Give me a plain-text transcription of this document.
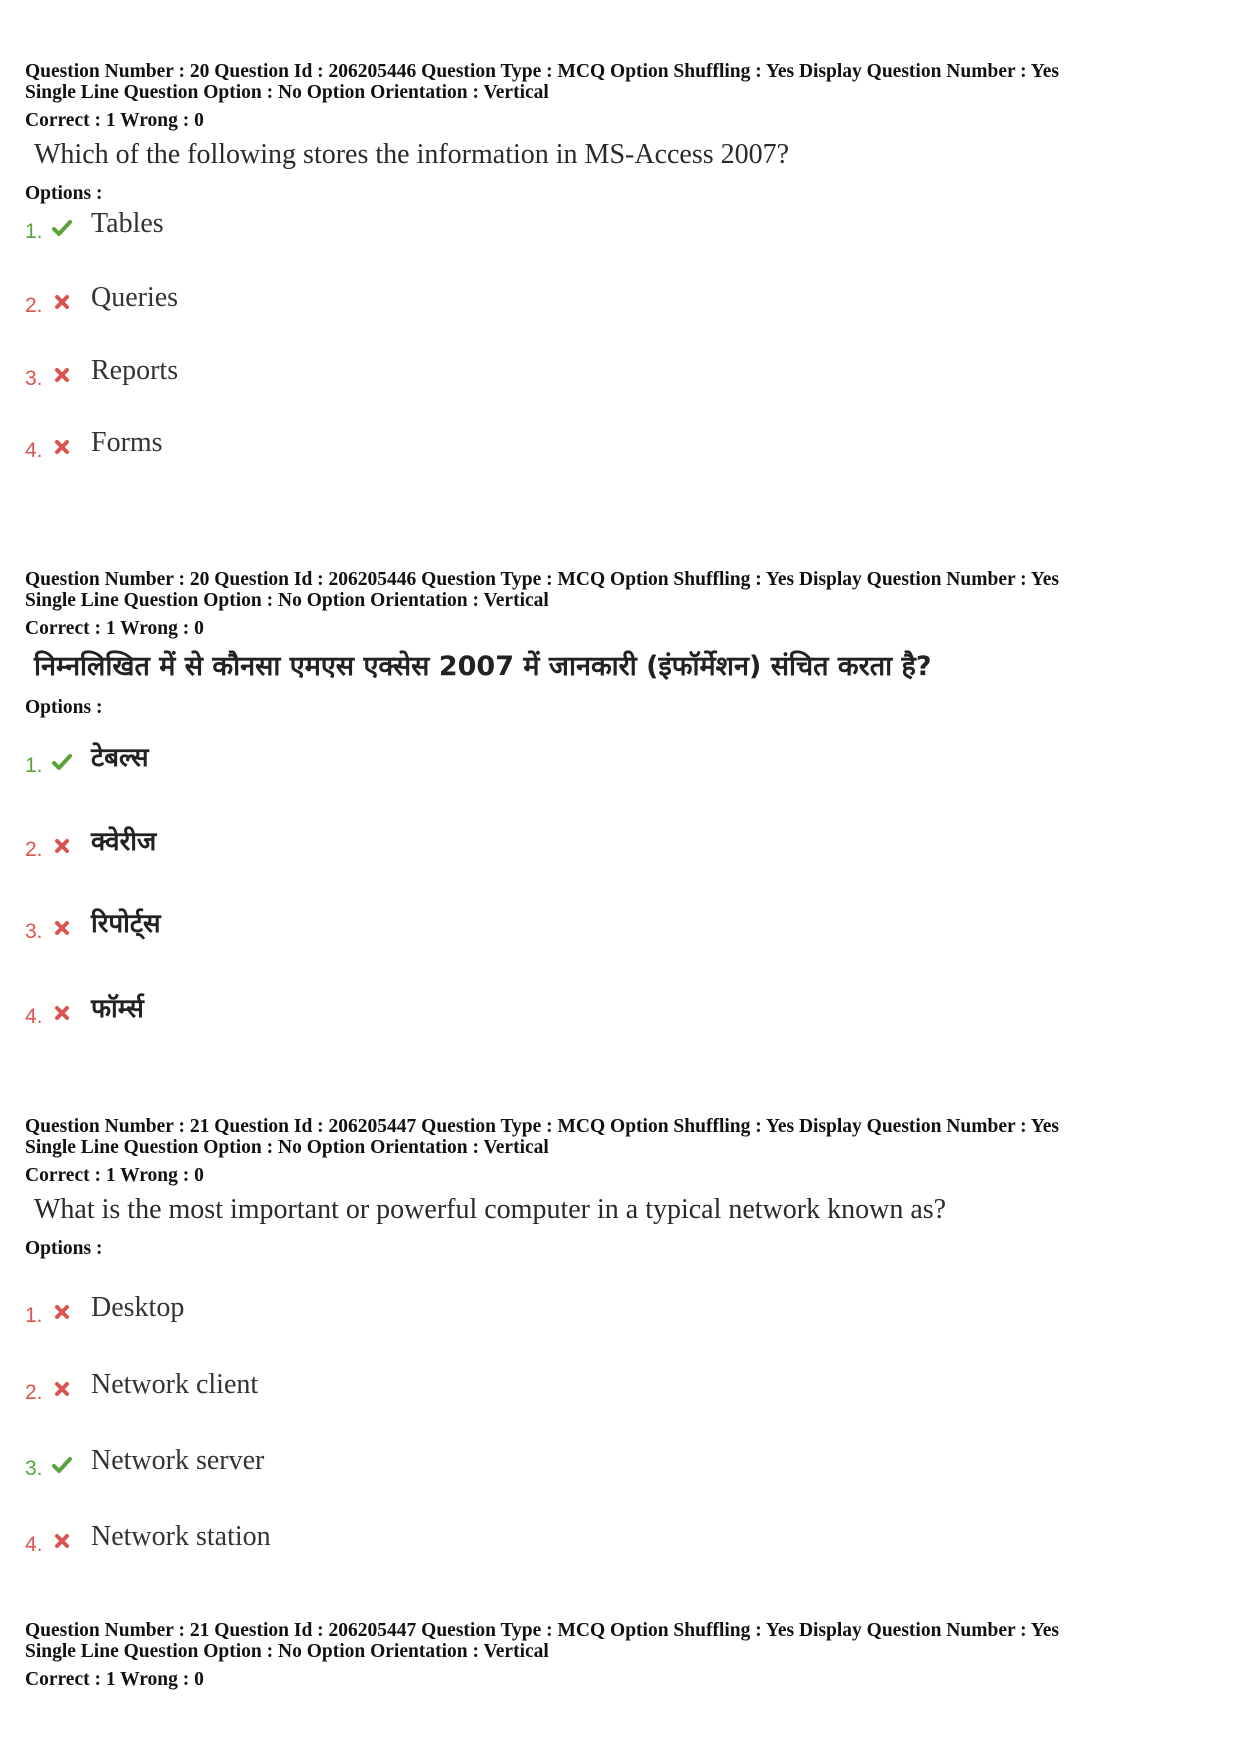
Question Number : 20 Question Id : 206205446 Question Type : MCQ Option Shuffling : Yes Display Question Number : Yes

Single Line Question Option : No Option Orientation : Vertical

Correct : 1 Wrong : 0

Which of the following stores the information in MS-Access 2007?

Options :

1. Tables
2. Queries
3. Reports
4. Forms

Question Number : 20 Question Id : 206205446 Question Type : MCQ Option Shuffling : Yes Display Question Number : Yes

Single Line Question Option : No Option Orientation : Vertical

Correct : 1 Wrong : 0

निम्नलिखित में से कौनसा एमएस एक्सेस 2007 में जानकारी (इंफॉर्मेशन) संचित करता है?

Options :

1. टेबल्स
2. क्वेरीज
3. रिपोर्ट्स
4. फॉर्म्स

Question Number : 21 Question Id : 206205447 Question Type : MCQ Option Shuffling : Yes Display Question Number : Yes

Single Line Question Option : No Option Orientation : Vertical

Correct : 1 Wrong : 0

What is the most important or powerful computer in a typical network known as?

Options :

1. Desktop
2. Network client
3. Network server
4. Network station

Question Number : 21 Question Id : 206205447 Question Type : MCQ Option Shuffling : Yes Display Question Number : Yes

Single Line Question Option : No Option Orientation : Vertical

Correct : 1 Wrong : 0
